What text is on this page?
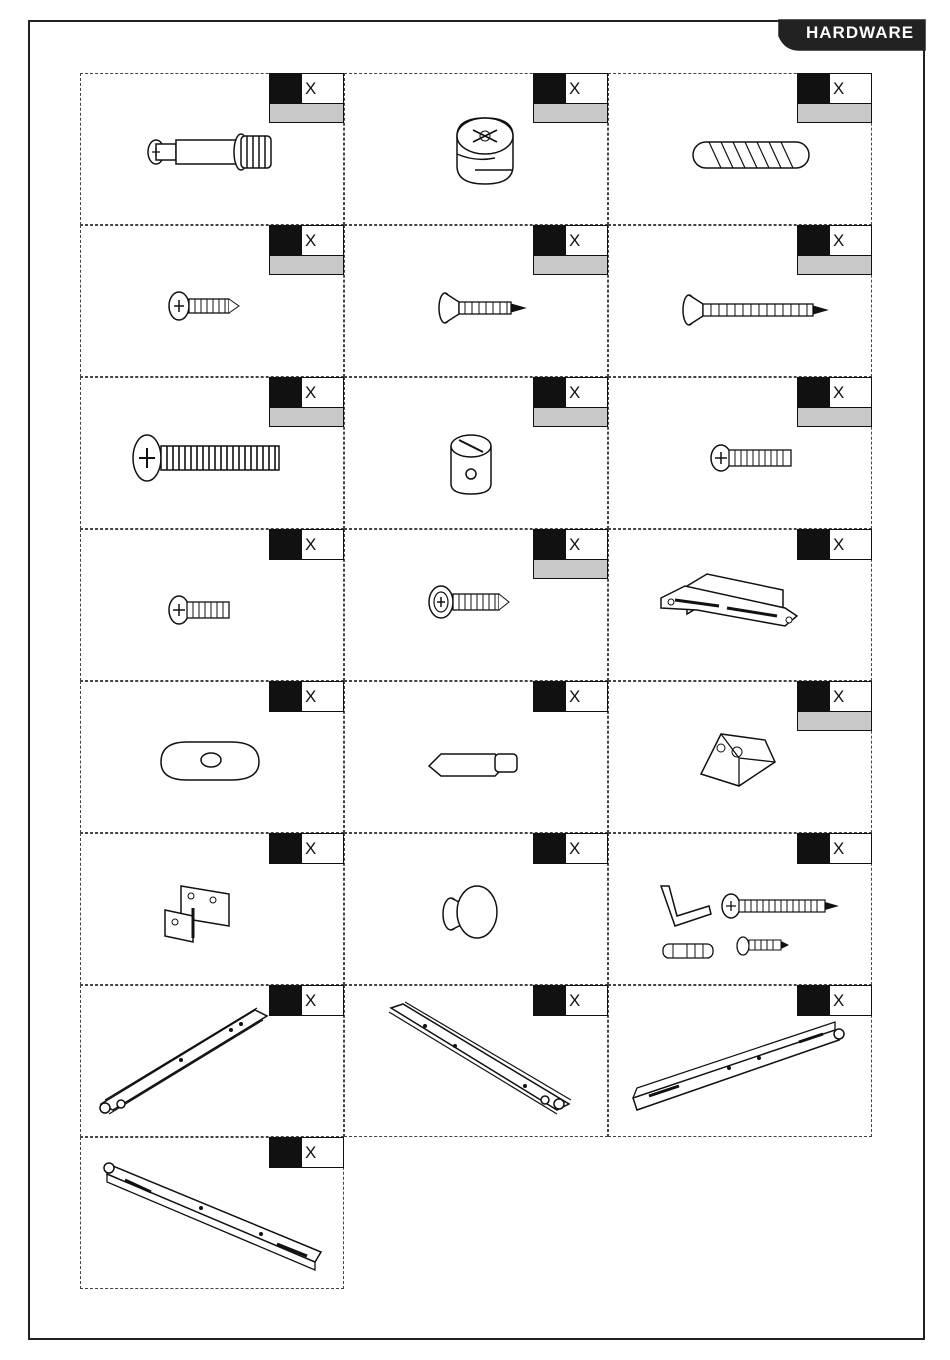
HARDWARE
X	X	X
X	X	X
X	X	X
X	X	X
X	X	X
X	X	X
X	X	X
X
